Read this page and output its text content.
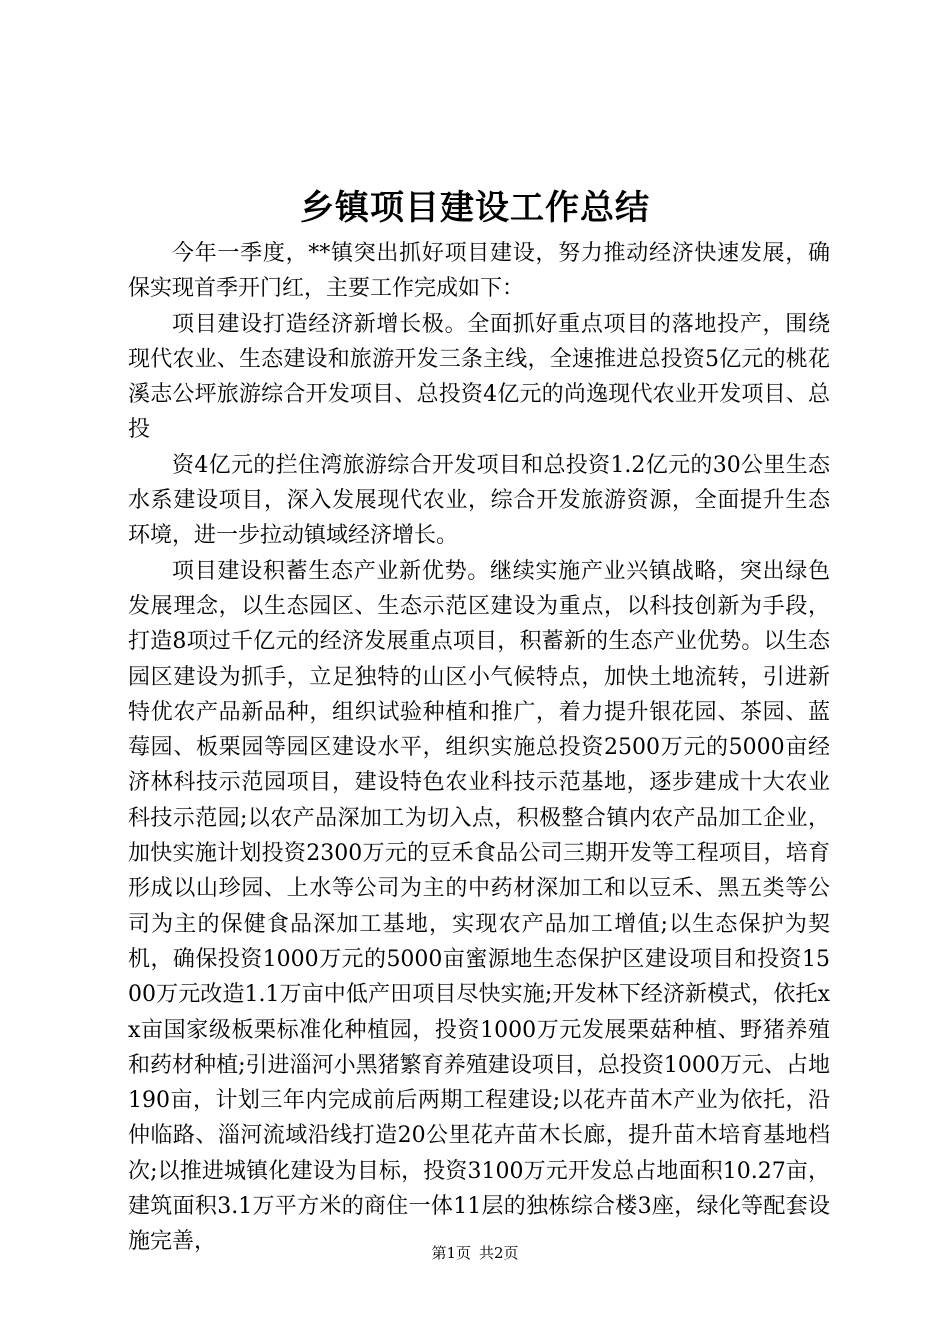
乡镇项目建设工作总结

今年一季度，**镇突出抓好项目建设，努力推动经济快速发展，确保实现首季开门红，主要工作完成如下：

项目建设打造经济新增长极。全面抓好重点项目的落地投产，围绕现代农业、生态建设和旅游开发三条主线，全速推进总投资5亿元的桃花溪志公坪旅游综合开发项目、总投资4亿元的尚逸现代农业开发项目、总投

资4亿元的拦住湾旅游综合开发项目和总投资1.2亿元的30公里生态水系建设项目，深入发展现代农业，综合开发旅游资源，全面提升生态环境，进一步拉动镇域经济增长。

项目建设积蓄生态产业新优势。继续实施产业兴镇战略，突出绿色发展理念，以生态园区、生态示范区建设为重点，以科技创新为手段，打造8项过千亿元的经济发展重点项目，积蓄新的生态产业优势。以生态园区建设为抓手，立足独特的山区小气候特点，加快土地流转，引进新特优农产品新品种，组织试验种植和推广，着力提升银花园、茶园、蓝莓园、板栗园等园区建设水平，组织实施总投资2500万元的5000亩经济林科技示范园项目，建设特色农业科技示范基地，逐步建成十大农业科技示范园;以农产品深加工为切入点，积极整合镇内农产品加工企业，加快实施计划投资2300万元的豆禾食品公司三期开发等工程项目，培育形成以山珍园、上水等公司为主的中药材深加工和以豆禾、黑五类等公司为主的保健食品深加工基地，实现农产品加工增值;以生态保护为契机，确保投资1000万元的5000亩蜜源地生态保护区建设项目和投资1500万元改造1.1万亩中低产田项目尽快实施;开发林下经济新模式，依托xx亩国家级板栗标准化种植园，投资1000万元发展栗菇种植、野猪养殖和药材种植;引进淄河小黑猪繁育养殖建设项目，总投资1000万元、占地190亩，计划三年内完成前后两期工程建设;以花卉苗木产业为依托，沿仲临路、淄河流域沿线打造20公里花卉苗木长廊，提升苗木培育基地档次;以推进城镇化建设为目标，投资3100万元开发总占地面积10.27亩，建筑面积3.1万平方米的商住一体11层的独栋综合楼3座，绿化等配套设施完善，	第1页 共2页
